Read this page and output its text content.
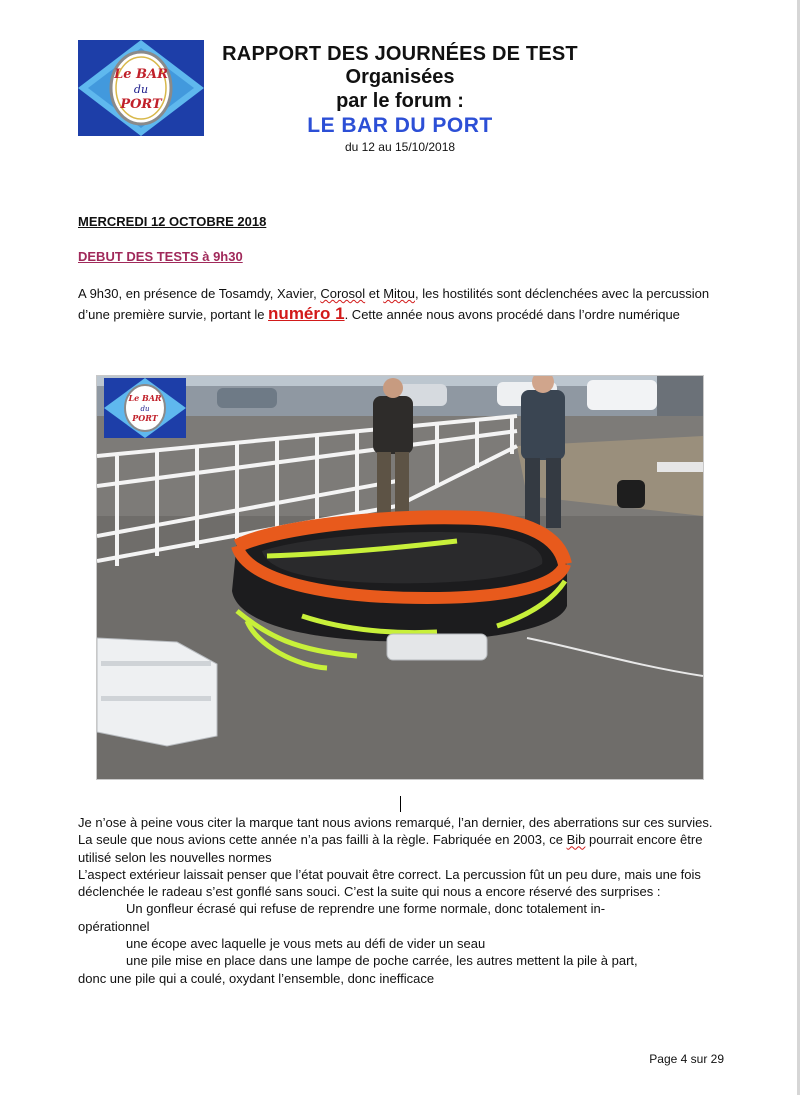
Le BAR
du
PORT
RAPPORT DES JOURNÉES DE TEST
Organisées
par le forum :
LE BAR DU PORT
du 12 au 15/10/2018
MERCREDI 12 OCTOBRE 2018
DEBUT DES TESTS à 9h30
A 9h30, en présence de Tosamdy, Xavier, Corosol et Mitou, les hostilités sont déclenchées avec la percussion d’une première survie, portant le numéro 1. Cette année nous avons procédé dans l’ordre numérique
Le BAR
du
PORT

Je n’ose à peine vous citer la marque tant nous avions remarqué, l’an dernier, des aberrations sur ces survies.

La seule que nous avions cette année n’a pas failli à la règle. Fabriquée en 2003, ce Bib pourrait encore être utilisé selon les nouvelles normes

L’aspect extérieur laissait penser que l’état pouvait être correct. La percussion fût un peu dure, mais une fois déclenchée le radeau s’est gonflé sans souci. C’est la suite qui nous a encore réservé des surprises :

Un gonfleur écrasé qui refuse de reprendre une forme normale, donc totalement in-

opérationnel

une écope avec laquelle je vous mets au défi de vider un seau

une pile mise en place dans une lampe de poche carrée, les autres mettent la pile à part,

donc une pile qui a coulé, oxydant l’ensemble, donc inefficace

Page 4 sur 29
